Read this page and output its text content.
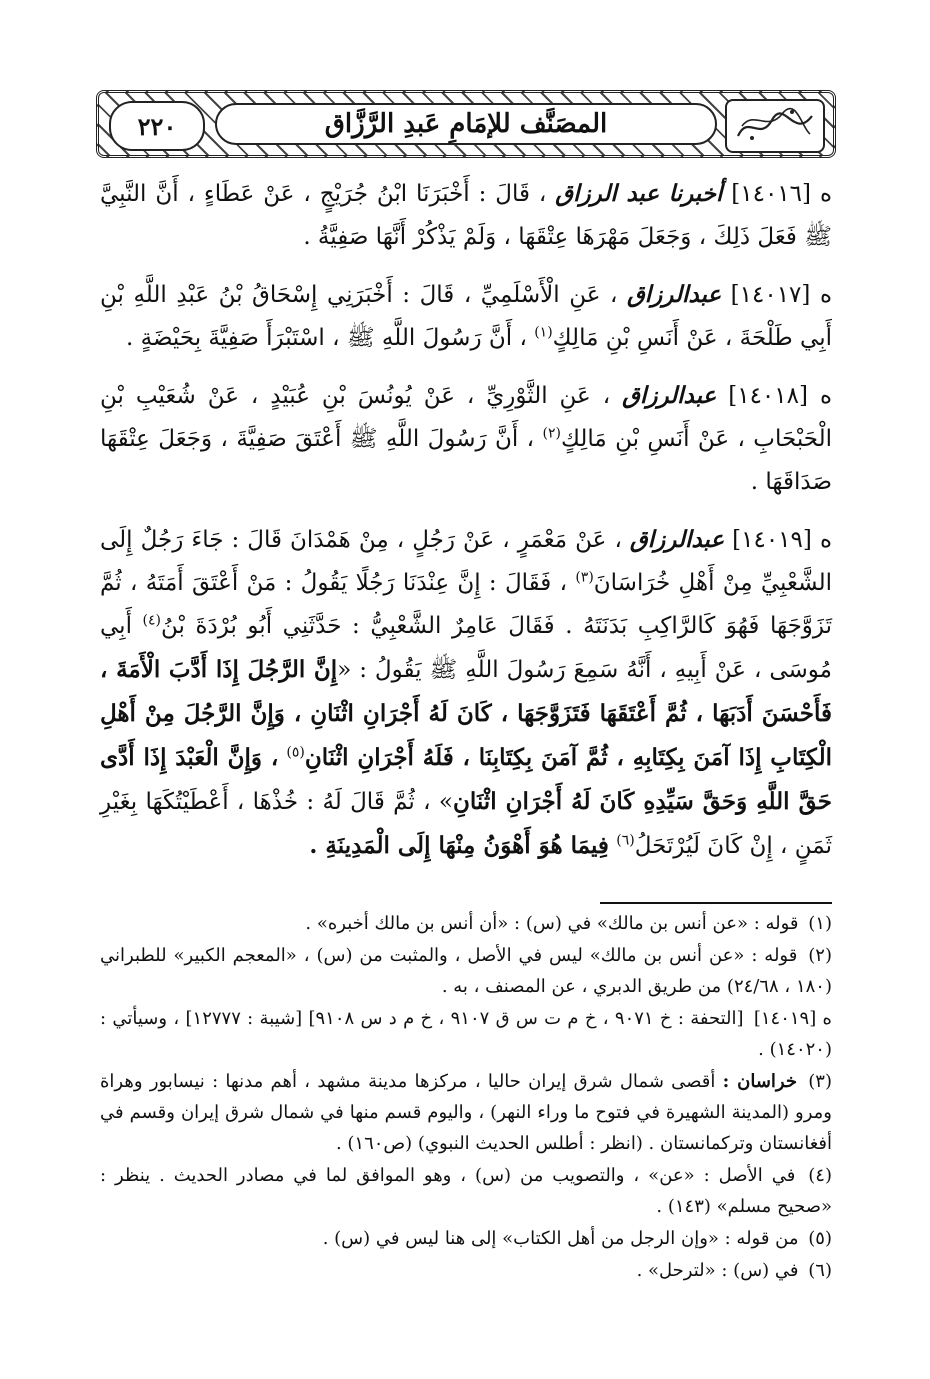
٢٢٠	المصَنَّف للإمَامِ عَبدِ الرَّزَّاق

ه [١٤٠١٦] أخبرنا عبد الرزاق ، قَالَ : أَخْبَرَنَا ابْنُ جُرَيْجٍ ، عَنْ عَطَاءٍ ، أَنَّ النَّبِيَّ ﷺ فَعَلَ ذَلِكَ ، وَجَعَلَ مَهْرَهَا عِتْقَهَا ، وَلَمْ يَذْكُرْ أَنَّهَا صَفِيَّةُ .

ه [١٤٠١٧] عبدالرزاق ، عَنِ الْأَسْلَمِيِّ ، قَالَ : أَخْبَرَنِي إِسْحَاقُ بْنُ عَبْدِ اللَّهِ بْنِ أَبِي طَلْحَةَ ، عَنْ أَنَسِ بْنِ مَالِكٍ$^{(١)}$ ، أَنَّ رَسُولَ اللَّهِ ﷺ ، اسْتَبْرَأَ صَفِيَّةَ بِحَيْضَةٍ .

ه [١٤٠١٨] عبدالرزاق ، عَنِ الثَّوْرِيِّ ، عَنْ يُونُسَ بْنِ عُبَيْدٍ ، عَنْ شُعَيْبِ بْنِ الْحَبْحَابِ ، عَنْ أَنَسِ بْنِ مَالِكٍ$^{(٢)}$ ، أَنَّ رَسُولَ اللَّهِ ﷺ أَعْتَقَ صَفِيَّةَ ، وَجَعَلَ عِتْقَهَا صَدَاقَهَا .

ه [١٤٠١٩] عبدالرزاق ، عَنْ مَعْمَرٍ ، عَنْ رَجُلٍ ، مِنْ هَمْدَانَ قَالَ : جَاءَ رَجُلٌ إِلَى الشَّعْبِيِّ مِنْ أَهْلِ خُرَاسَانَ$^{(٣)}$ ، فَقَالَ : إِنَّ عِنْدَنَا رَجُلًا يَقُولُ : مَنْ أَعْتَقَ أَمَتَهُ ، ثُمَّ تَزَوَّجَهَا فَهُوَ كَالرَّاكِبِ بَدَنَتَهُ . فَقَالَ عَامِرٌ الشَّعْبِيُّ : حَدَّثَنِي أَبُو بُرْدَةَ بْنُ$^{(٤)}$ أَبِي مُوسَى ، عَنْ أَبِيهِ ، أَنَّهُ سَمِعَ رَسُولَ اللَّهِ ﷺ يَقُولُ : «إِنَّ الرَّجُلَ إِذَا أَدَّبَ الْأَمَةَ ، فَأَحْسَنَ أَدَبَهَا ، ثُمَّ أَعْتَقَهَا فَتَزَوَّجَهَا ، كَانَ لَهُ أَجْرَانِ اثْنَانِ ، وَإِنَّ الرَّجُلَ مِنْ أَهْلِ الْكِتَابِ إِذَا آمَنَ بِكِتَابِهِ ، ثُمَّ آمَنَ بِكِتَابِنَا ، فَلَهُ أَجْرَانِ اثْنَانِ$^{(٥)}$ ، وَإِنَّ الْعَبْدَ إِذَا أَدَّى حَقَّ اللَّهِ وَحَقَّ سَيِّدِهِ كَانَ لَهُ أَجْرَانِ اثْنَانِ» ، ثُمَّ قَالَ لَهُ : خُذْهَا ، أَعْطَيْتُكَهَا بِغَيْرِ ثَمَنٍ ، إِنْ كَانَ لَيُرْتَحَلُ$^{(٦)}$ فِيمَا هُوَ أَهْوَنُ مِنْهَا إِلَى الْمَدِينَةِ .

(١) قوله : «عن أنس بن مالك» في (س) : «أن أنس بن مالك أخبره» .

(٢) قوله : «عن أنس بن مالك» ليس في الأصل ، والمثبت من (س) ، «المعجم الكبير» للطبراني (١٨٠ ، ٢٤/٦٨) من طريق الدبري ، عن المصنف ، به .

ه [١٤٠١٩] [التحفة : خ ٩٠٧١ ، خ م ت س ق ٩١٠٧ ، خ م د س ٩١٠٨] [شيبة : ١٢٧٧٧] ، وسيأتي : (١٤٠٢٠) .

(٣) خراسان : أقصى شمال شرق إيران حاليا ، مركزها مدينة مشهد ، أهم مدنها : نيسابور وهراة ومرو (المدينة الشهيرة في فتوح ما وراء النهر) ، واليوم قسم منها في شمال شرق إيران وقسم في أفغانستان وتركمانستان . (انظر : أطلس الحديث النبوي) (ص١٦٠) .

(٤) في الأصل : «عن» ، والتصويب من (س) ، وهو الموافق لما في مصادر الحديث . ينظر : «صحيح مسلم» (١٤٣) .

(٥) من قوله : «وإن الرجل من أهل الكتاب» إلى هنا ليس في (س) .

(٦) في (س) : «لترحل» .
